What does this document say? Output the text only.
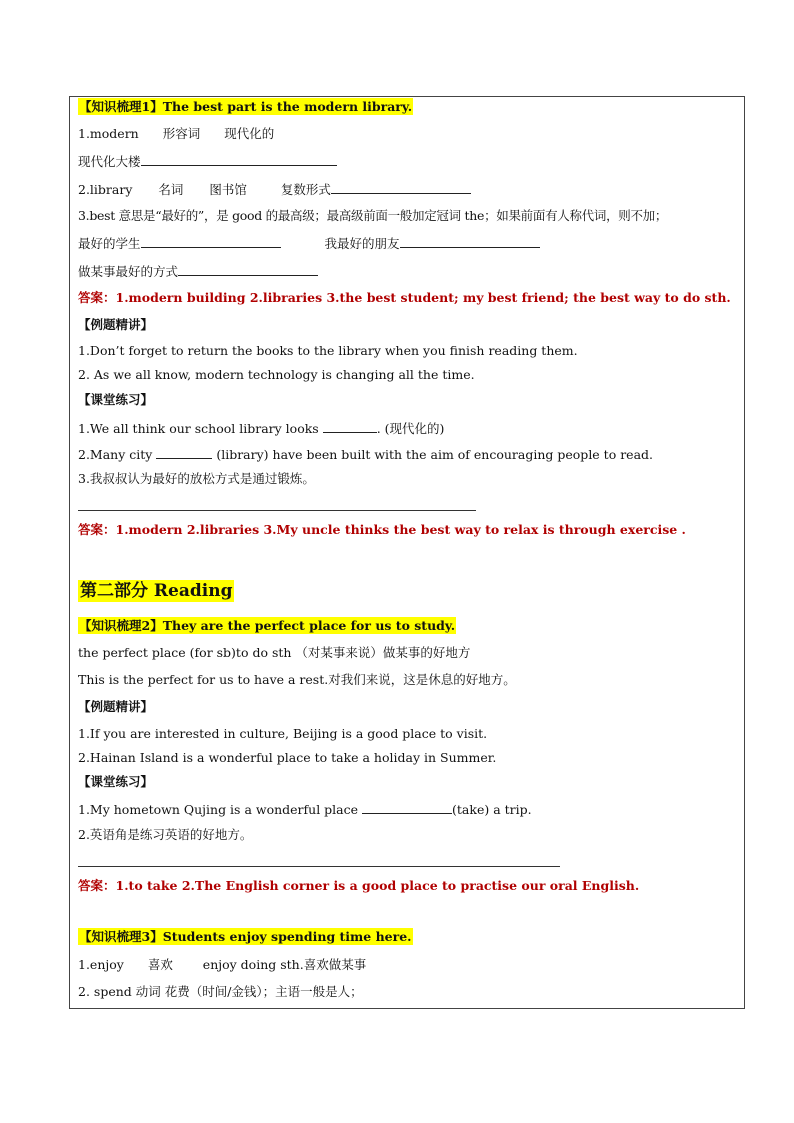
【知识梳理1】The best part is the modern library.
1.modern 形容词 现代化的
现代化大楼
2.library 名词 图书馆	复数形式
3.best 意思是“最好的”，是 good 的最高级；最高级前面一般加定冠词 the；如果前面有人称代词，则不加；
最好的学生	我最好的朋友
做某事最好的方式
答案：1.modern building 2.libraries 3.the best student; my best friend; the best way to do sth.
【例题精讲】
1.Don’t forget to return the books to the library when you finish reading them.
2. As we all know, modern technology is changing all the time.
【课堂练习】
1.We all think our school library looks	. (现代化的)
2.Many city	(library) have been built with the aim of encouraging people to read.
3.我叔叔认为最好的放松方式是通过锻炼。
答案：1.modern 2.libraries 3.My uncle thinks the best way to relax is through exercise .
第二部分 Reading
【知识梳理2】They are the perfect place for us to study.
the perfect place (for sb)to do sth （对某事来说）做某事的好地方
This is the perfect for us to have a rest.对我们来说，这是休息的好地方。
【例题精讲】
1.If you are interested in culture, Beijing is a good place to visit.
2.Hainan Island is a wonderful place to take a holiday in Summer.
【课堂练习】
1.My hometown Qujing is a wonderful place	(take) a trip.
2.英语角是练习英语的好地方。
答案：1.to take 2.The English corner is a good place to practise our oral English.
【知识梳理3】Students enjoy spending time here.
1.enjoy 喜欢 enjoy doing sth.喜欢做某事
2. spend 动词 花费（时间/金钱）；主语一般是人；
